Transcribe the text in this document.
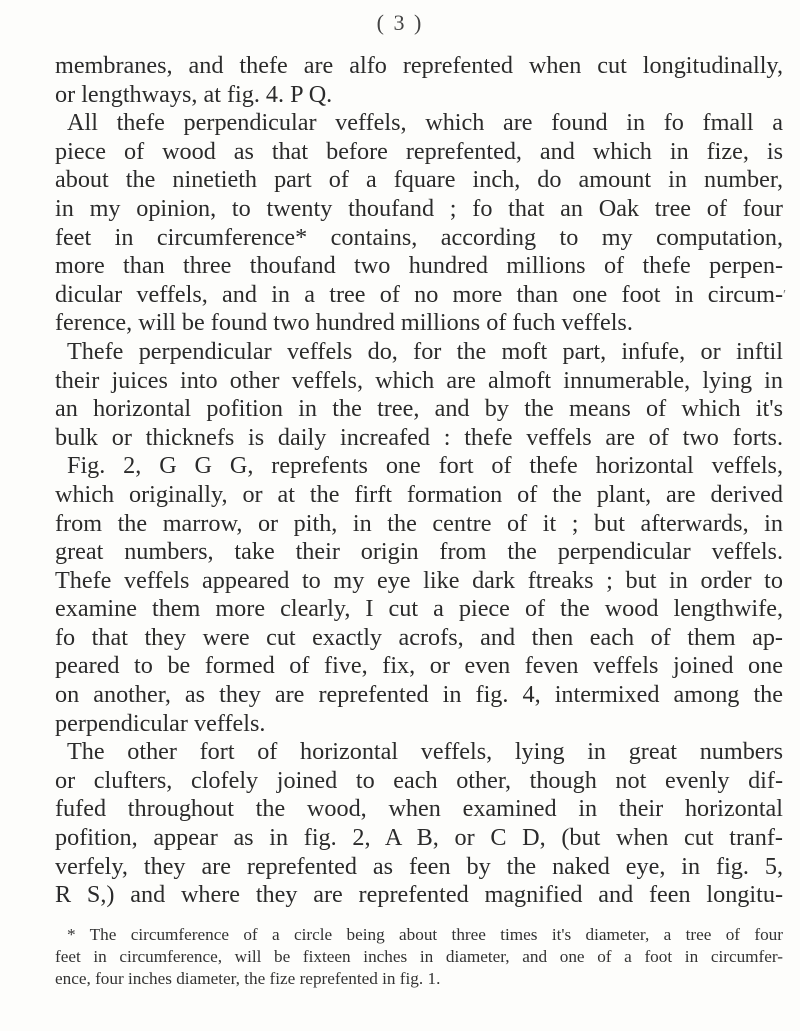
( 3 )
′
membranes, and thefe are alfo reprefented when cut longitudinally,
or lengthways, at fig. 4. P Q.
All thefe perpendicular veffels, which are found in fo fmall a
piece of wood as that before reprefented, and which in fize, is
about the ninetieth part of a fquare inch, do amount in number,
in my opinion, to twenty thoufand ; fo that an Oak tree of four
feet in circumference* contains, according to my computation,
more than three thoufand two hundred millions of thefe perpen-
dicular veffels, and in a tree of no more than one foot in circum-
ference, will be found two hundred millions of fuch veffels.
Thefe perpendicular veffels do, for the moft part, infufe, or inftil
their juices into other veffels, which are almoft innumerable, lying in
an horizontal pofition in the tree, and by the means of which it's
bulk or thicknefs is daily increafed : thefe veffels are of two forts.
Fig. 2, G G G, reprefents one fort of thefe horizontal veffels,
which originally, or at the firft formation of the plant, are derived
from the marrow, or pith, in the centre of it ; but afterwards, in
great numbers, take their origin from the perpendicular veffels.
Thefe veffels appeared to my eye like dark ftreaks ; but in order to
examine them more clearly, I cut a piece of the wood lengthwife,
fo that they were cut exactly acrofs, and then each of them ap-
peared to be formed of five, fix, or even feven veffels joined one
on another, as they are reprefented in fig. 4, intermixed among the
perpendicular veffels.
The other fort of horizontal veffels, lying in great numbers
or clufters, clofely joined to each other, though not evenly dif-
fufed throughout the wood, when examined in their horizontal
pofition, appear as in fig. 2, A B, or C D, (but when cut tranf-
verfely, they are reprefented as feen by the naked eye, in fig. 5,
R S,) and where they are reprefented magnified and feen longitu-
* The circumference of a circle being about three times it's diameter, a tree of four
feet in circumference, will be fixteen inches in diameter, and one of a foot in circumfer-
ence, four inches diameter, the fize reprefented in fig. 1.
